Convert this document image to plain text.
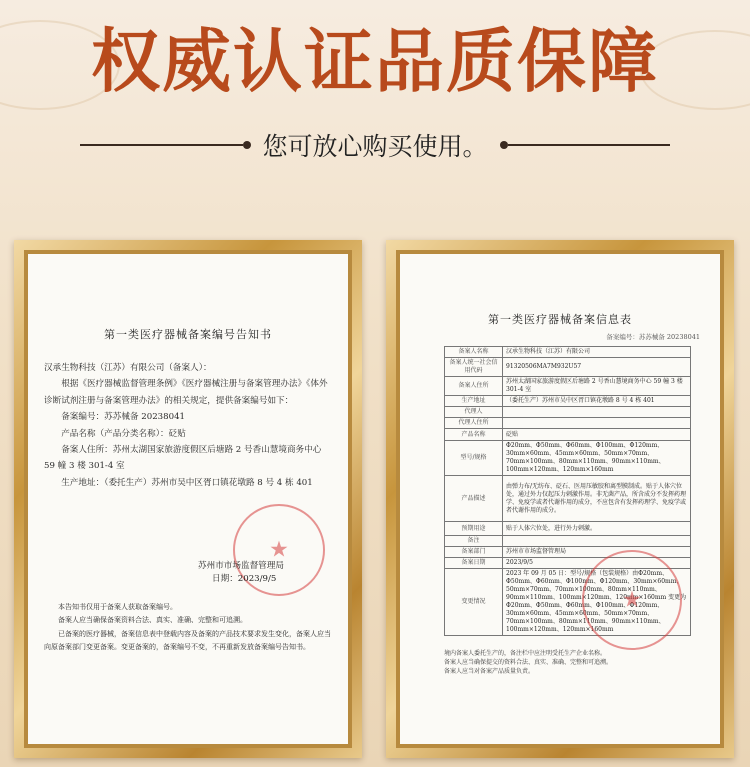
权威认证品质保障
您可放心购买使用。
第一类医疗器械备案编号告知书

汉承生物科技（江苏）有限公司（备案人）：

根据《医疗器械监督管理条例》《医疗器械注册与备案管理办法》《体外诊断试剂注册与备案管理办法》的相关规定，提供备案编号如下：

备案编号：苏苏械备 20238041

产品名称（产品分类名称）：砭贴

备案人住所：苏州太湖国家旅游度假区后塘路 2 号香山慧境商务中心 59 幢 3 楼 301-4 室

生产地址：（委托生产）苏州市吴中区胥口镇花墩路 8 号 4 栋 401

★
苏州市市场监督管理局
日期：2023/9/5

本告知书仅用于备案人获取备案编号。

备案人应当确保备案资料合法、真实、准确、完整和可追溯。

已备案的医疗器械，备案信息表中登载内容及备案的产品技术要求发生变化，备案人应当向原备案部门变更备案。变更备案的，备案编号不变，不再重新发放备案编号告知书。

第一类医疗器械备案信息表
备案编号：苏苏械备 20238041
备案人名称	汉承生物科技（江苏）有限公司
备案人统一社会信用代码	91320506MA7M932U57
备案人住所	苏州太湖国家旅游度假区后塘路 2 号香山慧境商务中心 59 幢 3 楼 301-4 室
生产地址	（委托生产）苏州市吴中区胥口镇花墩路 8 号 4 栋 401
代理人	
代理人住所	
产品名称	砭贴
型号/规格	Φ20mm、Φ50mm、Φ60mm、Φ100mm、Φ120mm、30mm×60mm、45mm×60mm、50mm×70mm、70mm×100mm、80mm×110mm、90mm×110mm、100mm×120mm、120mm×160mm
产品描述	由弹力布/无纺布、砭石、医用压敏胶和离型膜制成。贴于人体穴位处，通过外力仅起压力刺激作用。非无菌产品，所含成分不发挥药理学、免疫学或者代谢作用的成分，不应包含有发挥药理学、免疫学或者代谢作用的成分。
预期用途	贴于人体穴位处，进行外力刺激。
备注	
备案部门	苏州市市场监督管理局
备案日期	2023/9/5
变更情况	2023 年 09 月 05 日：型号/规格（包装规格）由Φ20mm、Φ50mm、Φ60mm、Φ100mm、Φ120mm、30mm×60mm、50mm×70mm、70mm×100mm、80mm×110mm、90mm×110mm、100mm×120mm、120mm×160mm 变更为Φ20mm、Φ50mm、Φ60mm、Φ100mm、Φ120mm、30mm×60mm、45mm×60mm、50mm×70mm、70mm×100mm、80mm×110mm、90mm×110mm、100mm×120mm、120mm×160mm
★

境内备案人委托生产的，备注栏中应注明受托生产企业名称。

备案人应当确保提交的资料合法、真实、准确、完整和可追溯。

备案人应当对备案产品质量负责。
